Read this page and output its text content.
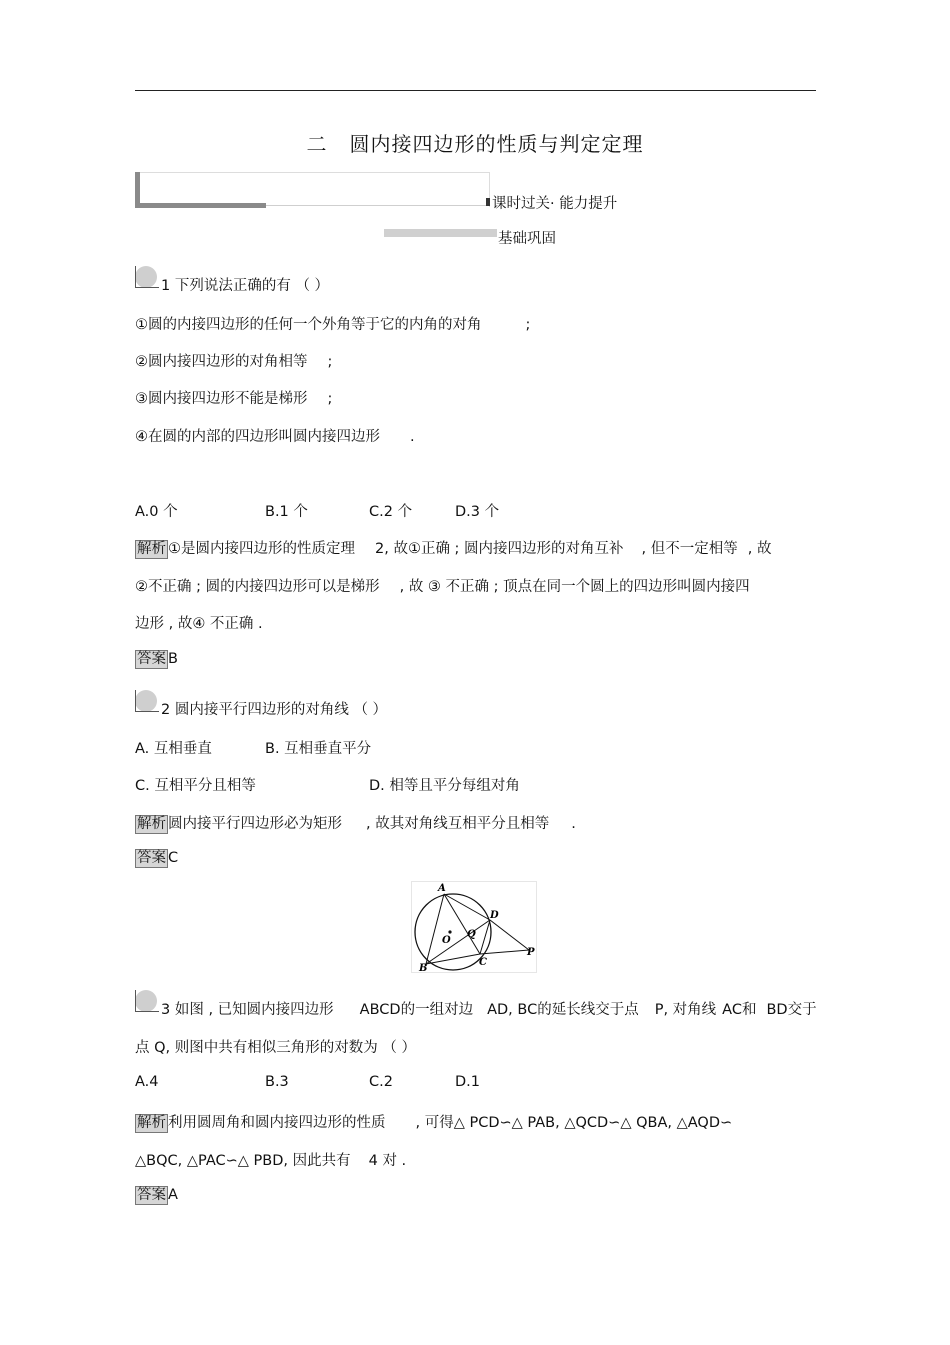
二 圆内接四边形的性质与判定定理
课时过关· 能力提升
基础巩固
1 下列说法正确的有 （ ）
①圆的内接四边形的任何一个外角等于它的内角的对角	;
②圆内接四边形的对角相等 ;
③圆内接四边形不能是梯形 ;
④在圆的内部的四边形叫圆内接四边形 .
A.0 个	B.1 个	C.2 个	D.3 个
解析 ①是圆内接四边形的性质定理 2, 故①正确 ; 圆内接四边形的对角互补 , 但不一定相等 , 故
②不正确 ; 圆的内接四边形可以是梯形 , 故 ③ 不正确 ; 顶点在同一个圆上的四边形叫圆内接四
边形 , 故④ 不正确 .
答案 B
2 圆内接平行四边形的对角线 （ ）
A. 互相垂直	B. 互相垂直平分
C. 互相平分且相等	D. 相等且平分每组对角
解析 圆内接平行四边形必为矩形 , 故其对角线互相平分且相等 .
答案 C
A
B
C
D
O
Q
P
3 如图 , 已知圆内接四边形 ABCD的一组对边 AD, BC的延长线交于点 P, 对角线 AC和 BD交于
点 Q, 则图中共有相似三角形的对数为 （ ）
A.4	B.3	C.2	D.1
解析 利用圆周角和圆内接四边形的性质 , 可得△ PCD∽△ PAB, △QCD∽△ QBA, △AQD∽
△BQC, △PAC∽△ PBD, 因此共有 4 对 .
答案 A
